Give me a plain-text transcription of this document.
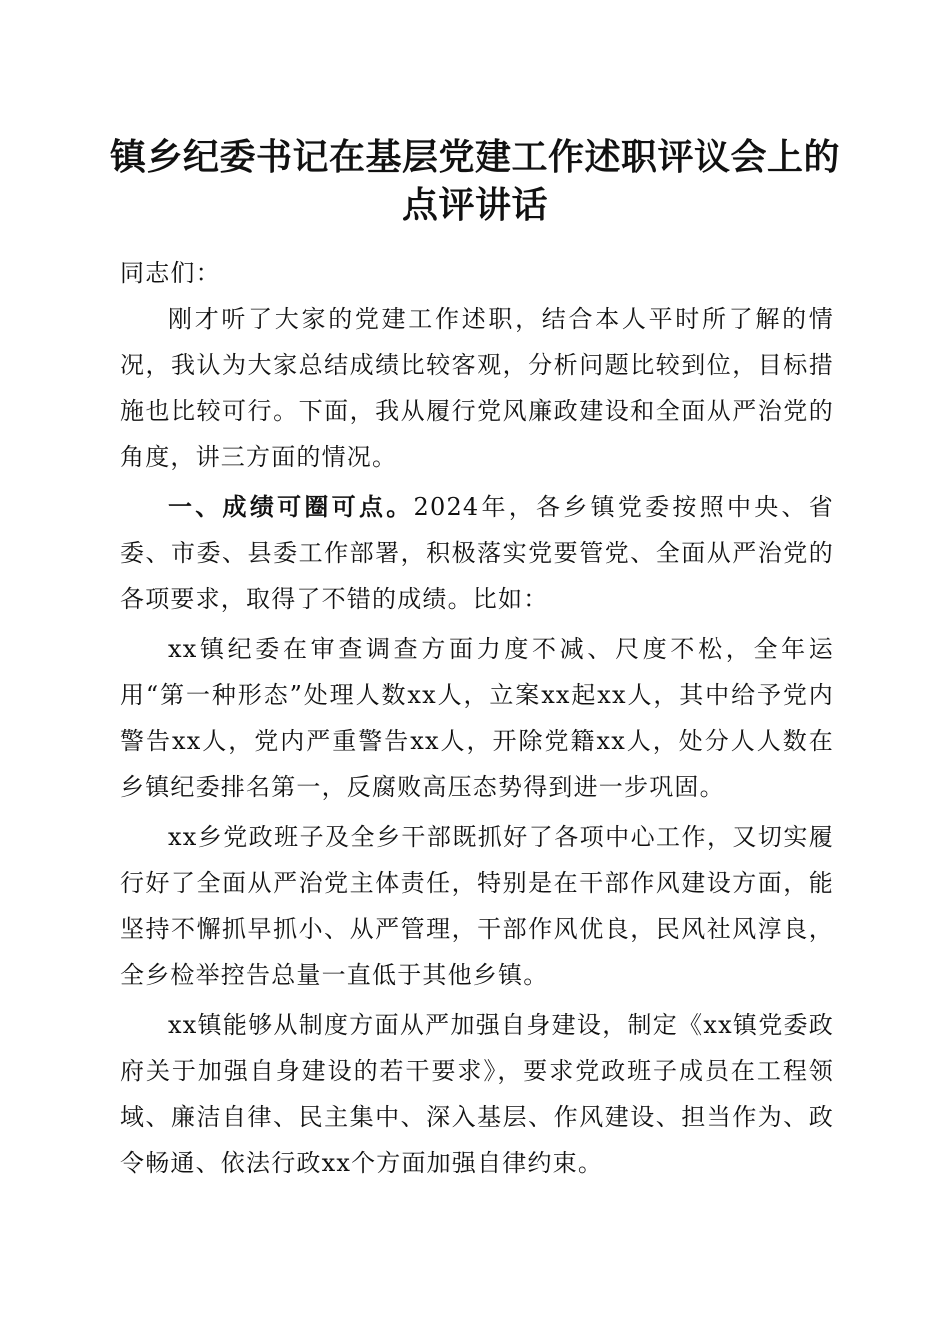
镇乡纪委书记在基层党建工作述职评议会上的
点评讲话

同志们：

刚才听了大家的党建工作述职，结合本人平时所了解的情况，我认为大家总结成绩比较客观，分析问题比较到位，目标措施也比较可行。下面，我从履行党风廉政建设和全面从严治党的角度，讲三方面的情况。

一、成绩可圈可点。2024年，各乡镇党委按照中央、省委、市委、县委工作部署，积极落实党要管党、全面从严治党的各项要求，取得了不错的成绩。比如：

xx镇纪委在审查调查方面力度不减、尺度不松，全年运用“第一种形态”处理人数xx人，立案xx起xx人，其中给予党内警告xx人，党内严重警告xx人，开除党籍xx人，处分人人数在乡镇纪委排名第一，反腐败高压态势得到进一步巩固。

xx乡党政班子及全乡干部既抓好了各项中心工作，又切实履行好了全面从严治党主体责任，特别是在干部作风建设方面，能坚持不懈抓早抓小、从严管理，干部作风优良，民风社风淳良，全乡检举控告总量一直低于其他乡镇。

xx镇能够从制度方面从严加强自身建设，制定《xx镇党委政府关于加强自身建设的若干要求》，要求党政班子成员在工程领域、廉洁自律、民主集中、深入基层、作风建设、担当作为、政令畅通、依法行政xx个方面加强自律约束。
